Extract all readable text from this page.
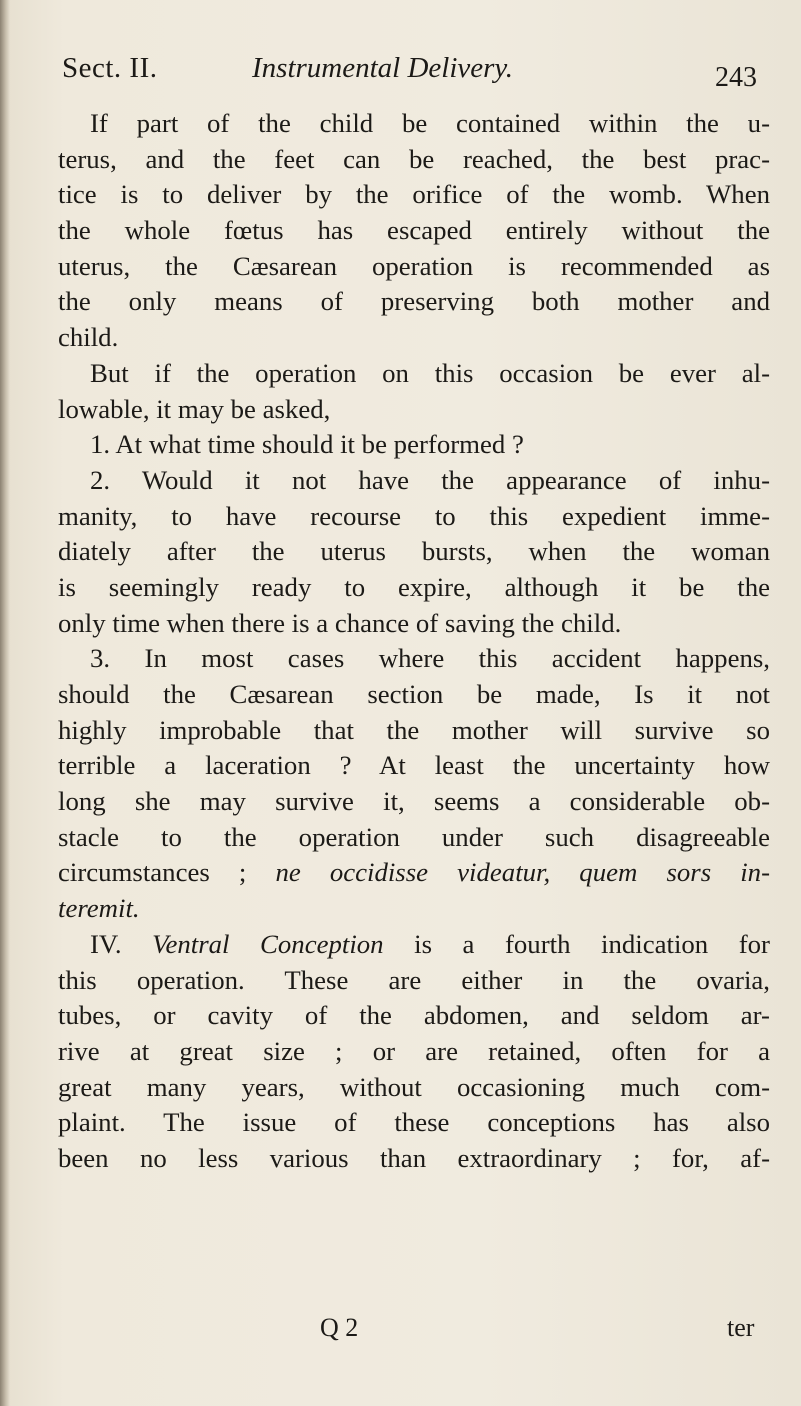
Sect. II.	Instrumental Delivery.	243
If part of the child be contained within the u-
terus, and the feet can be reached, the best prac-
tice is to deliver by the orifice of the womb. When
the whole fœtus has escaped entirely without the
uterus, the Cæsarean operation is recommended as
the only means of preserving both mother and
child.
But if the operation on this occasion be ever al-
lowable, it may be asked,
1. At what time should it be performed ?
2. Would it not have the appearance of inhu-
manity, to have recourse to this expedient imme-
diately after the uterus bursts, when the woman
is seemingly ready to expire, although it be the
only time when there is a chance of saving the child.
3. In most cases where this accident happens,
should the Cæsarean section be made, Is it not
highly improbable that the mother will survive so
terrible a laceration ? At least the uncertainty how
long she may survive it, seems a considerable ob-
stacle to the operation under such disagreeable
circumstances ; ne occidisse videatur, quem sors in-
teremit.
IV. Ventral Conception is a fourth indication for
this operation. These are either in the ovaria,
tubes, or cavity of the abdomen, and seldom ar-
rive at great size ; or are retained, often for a
great many years, without occasioning much com-
plaint. The issue of these conceptions has also
been no less various than extraordinary ; for, af-
Q 2	ter
